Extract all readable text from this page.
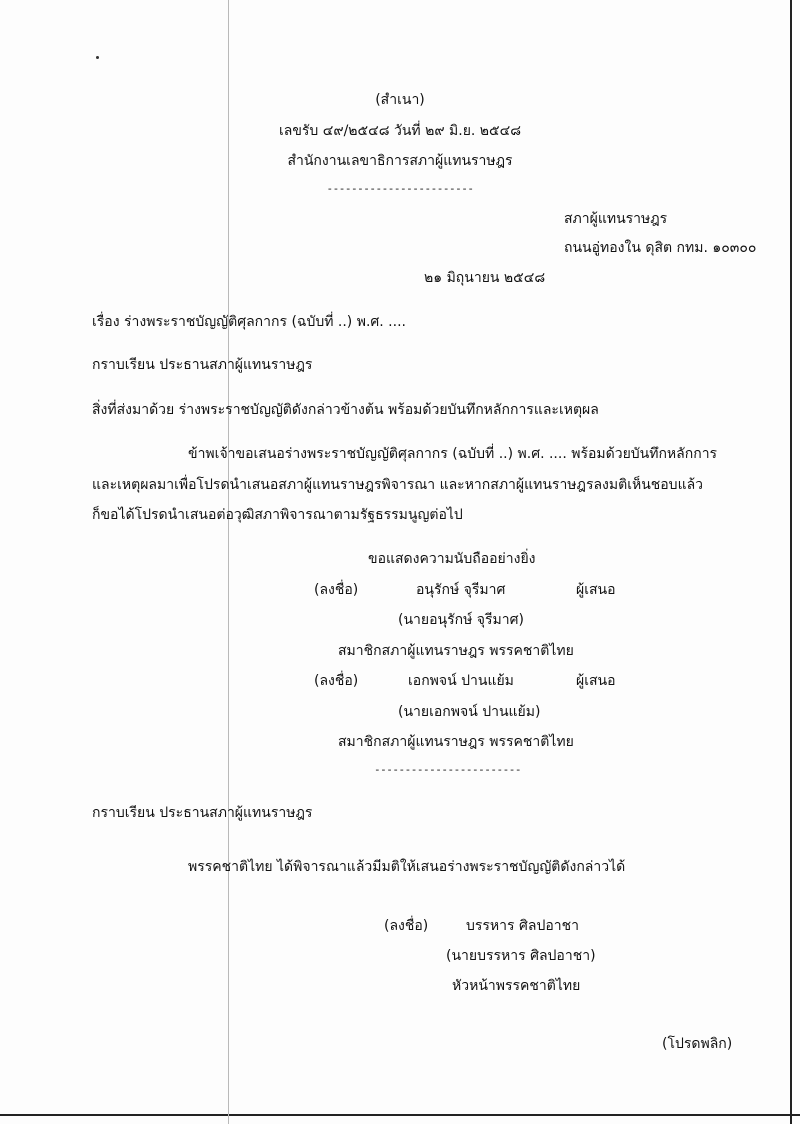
(สำเนา)
เลขรับ ๔๙/๒๕๔๘ วันที่ ๒๙ มิ.ย. ๒๕๔๘
สำนักงานเลขาธิการสภาผู้แทนราษฎร
------------------------
สภาผู้แทนราษฎร
ถนนอู่ทองใน ดุสิต กทม. ๑๐๓๐๐
๒๑ มิถุนายน ๒๕๔๘
เรื่อง ร่างพระราชบัญญัติศุลกากร (ฉบับที่ ..) พ.ศ. ....
กราบเรียน ประธานสภาผู้แทนราษฎร
สิ่งที่ส่งมาด้วย ร่างพระราชบัญญัติดังกล่าวข้างต้น พร้อมด้วยบันทึกหลักการและเหตุผล
ข้าพเจ้าขอเสนอร่างพระราชบัญญัติศุลกากร (ฉบับที่ ..) พ.ศ. .... พร้อมด้วยบันทึกหลักการ
และเหตุผลมาเพื่อโปรดนำเสนอสภาผู้แทนราษฎรพิจารณา และหากสภาผู้แทนราษฎรลงมติเห็นชอบแล้ว
ก็ขอได้โปรดนำเสนอต่อวุฒิสภาพิจารณาตามรัฐธรรมนูญต่อไป
ขอแสดงความนับถืออย่างยิ่ง
(ลงชื่อ)	อนุรักษ์ จุรีมาศ	ผู้เสนอ
(นายอนุรักษ์ จุรีมาศ)
สมาชิกสภาผู้แทนราษฎร พรรคชาติไทย
(ลงชื่อ)	เอกพจน์ ปานแย้ม	ผู้เสนอ
(นายเอกพจน์ ปานแย้ม)
สมาชิกสภาผู้แทนราษฎร พรรคชาติไทย
------------------------
กราบเรียน ประธานสภาผู้แทนราษฎร
พรรคชาติไทย ได้พิจารณาแล้วมีมติให้เสนอร่างพระราชบัญญัติดังกล่าวได้
(ลงชื่อ)	บรรหาร ศิลปอาชา
(นายบรรหาร ศิลปอาชา)
หัวหน้าพรรคชาติไทย
(โปรดพลิก)
